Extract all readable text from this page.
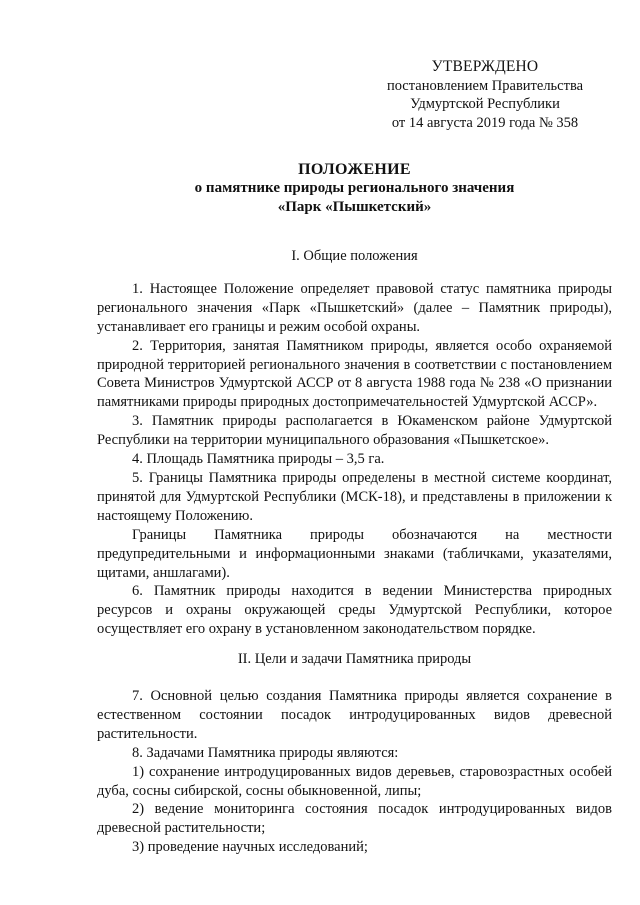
УТВЕРЖДЕНО
постановлением Правительства
Удмуртской Республики
от 14 августа 2019 года № 358
ПОЛОЖЕНИЕ
о памятнике природы регионального значения
«Парк «Пышкетский»
I. Общие положения

1. Настоящее Положение определяет правовой статус памятника природы регионального значения «Парк «Пышкетский» (далее – Памятник природы), устанавливает его границы и режим особой охраны.

2. Территория, занятая Памятником природы, является особо охраняемой природной территорией регионального значения в соответствии с постановлением Совета Министров Удмуртской АССР от 8 августа 1988 года № 238 «О признании памятниками природы природных достопримечательностей Удмуртской АССР».

3. Памятник природы располагается в Юкаменском районе Удмуртской Республики на территории муниципального образования «Пышкетское».

4. Площадь Памятника природы – 3,5 га.

5. Границы Памятника природы определены в местной системе координат, принятой для Удмуртской Республики (МСК-18), и представлены в приложении к настоящему Положению.

Границы Памятника природы обозначаются на местности предупредительными и информационными знаками (табличками, указателями, щитами, аншлагами).

6. Памятник природы находится в ведении Министерства природных ресурсов и охраны окружающей среды Удмуртской Республики, которое осуществляет его охрану в установленном законодательством порядке.

II. Цели и задачи Памятника природы

7. Основной целью создания Памятника природы является сохранение в естественном состоянии посадок интродуцированных видов древесной растительности.

8. Задачами Памятника природы являются:

1) сохранение интродуцированных видов деревьев, старовозрастных особей дуба, сосны сибирской, сосны обыкновенной, липы;

2) ведение мониторинга состояния посадок интродуцированных видов древесной растительности;

3) проведение научных исследований;
